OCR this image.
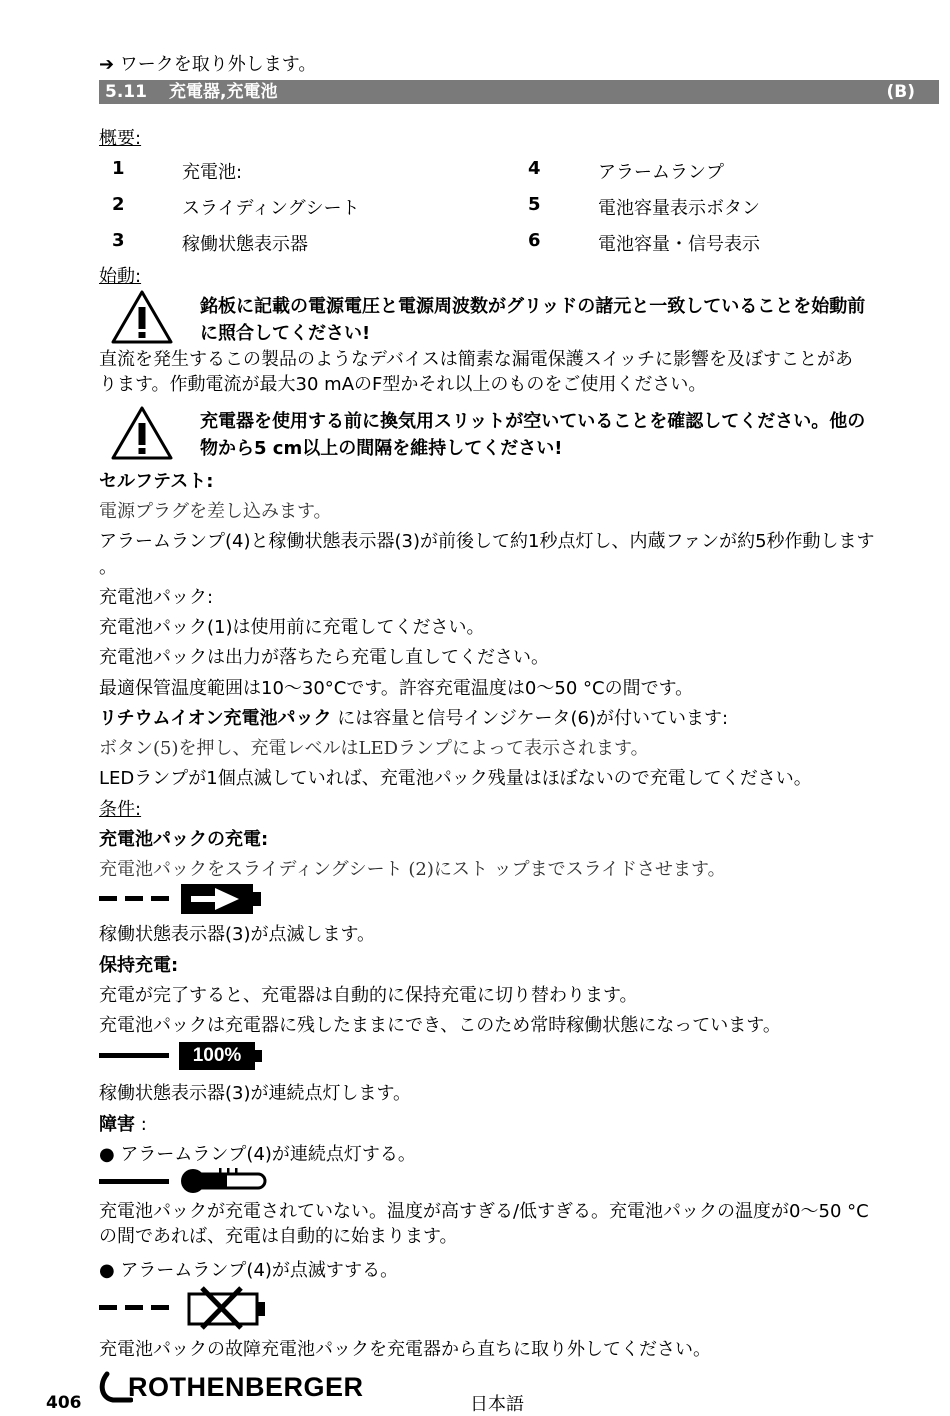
➔ ワークを取り外します。
5.11 充電器,充電池	(B)
概要:
1	充電池:
2	スライディングシート
3	稼働状態表示器
4	アラームランプ
5	電池容量表示ボタン
6	電池容量・信号表示
始動:
銘板に記載の電源電圧と電源周波数がグリッドの諸元と一致していることを始動前
に照合してください!
直流を発生するこの製品のようなデバイスは簡素な漏電保護スイッチに影響を及ぼすことがあ
ります。作動電流が最大30 mAのF型かそれ以上のものをご使用ください。
充電器を使用する前に換気用スリットが空いていることを確認してください。他の
物から5 cm以上の間隔を維持してください!
セルフテスト:
電源プラグを差し込みます。
アラームランプ(4)と稼働状態表示器(3)が前後して約1秒点灯し、内蔵ファンが約5秒作動します
。
充電池パック:
充電池パック(1)は使用前に充電してください。
充電池パックは出力が落ちたら充電し直してください。
最適保管温度範囲は10〜30°Cです。許容充電温度は0〜50 °Cの間です。
リチウムイオン充電池パック には容量と信号インジケータ(6)が付いています:
ボタン(5)を押し、充電レベルはLEDランプによって表示されます。
LEDランプが1個点滅していれば、充電池パック残量はほぼないので充電してください。
条件:
充電池パックの充電:
充電池パックをスライディングシート (2)にスト ップまでスライドさせます。
稼働状態表示器(3)が点滅します。
保持充電:
充電が完了すると、充電器は自動的に保持充電に切り替わります。
充電池パックは充電器に残したままにでき、このため常時稼働状態になっています。
100%
稼働状態表示器(3)が連続点灯します。
障害 :
● アラームランプ(4)が連続点灯する。
充電池パックが充電されていない。温度が高すぎる/低すぎる。充電池パックの温度が0〜50 °C
の間であれば、充電は自動的に始まります。
● アラームランプ(4)が点滅すする。
充電池パックの故障充電池パックを充電器から直ちに取り外してください。
406
ROTHENBERGER
日本語
